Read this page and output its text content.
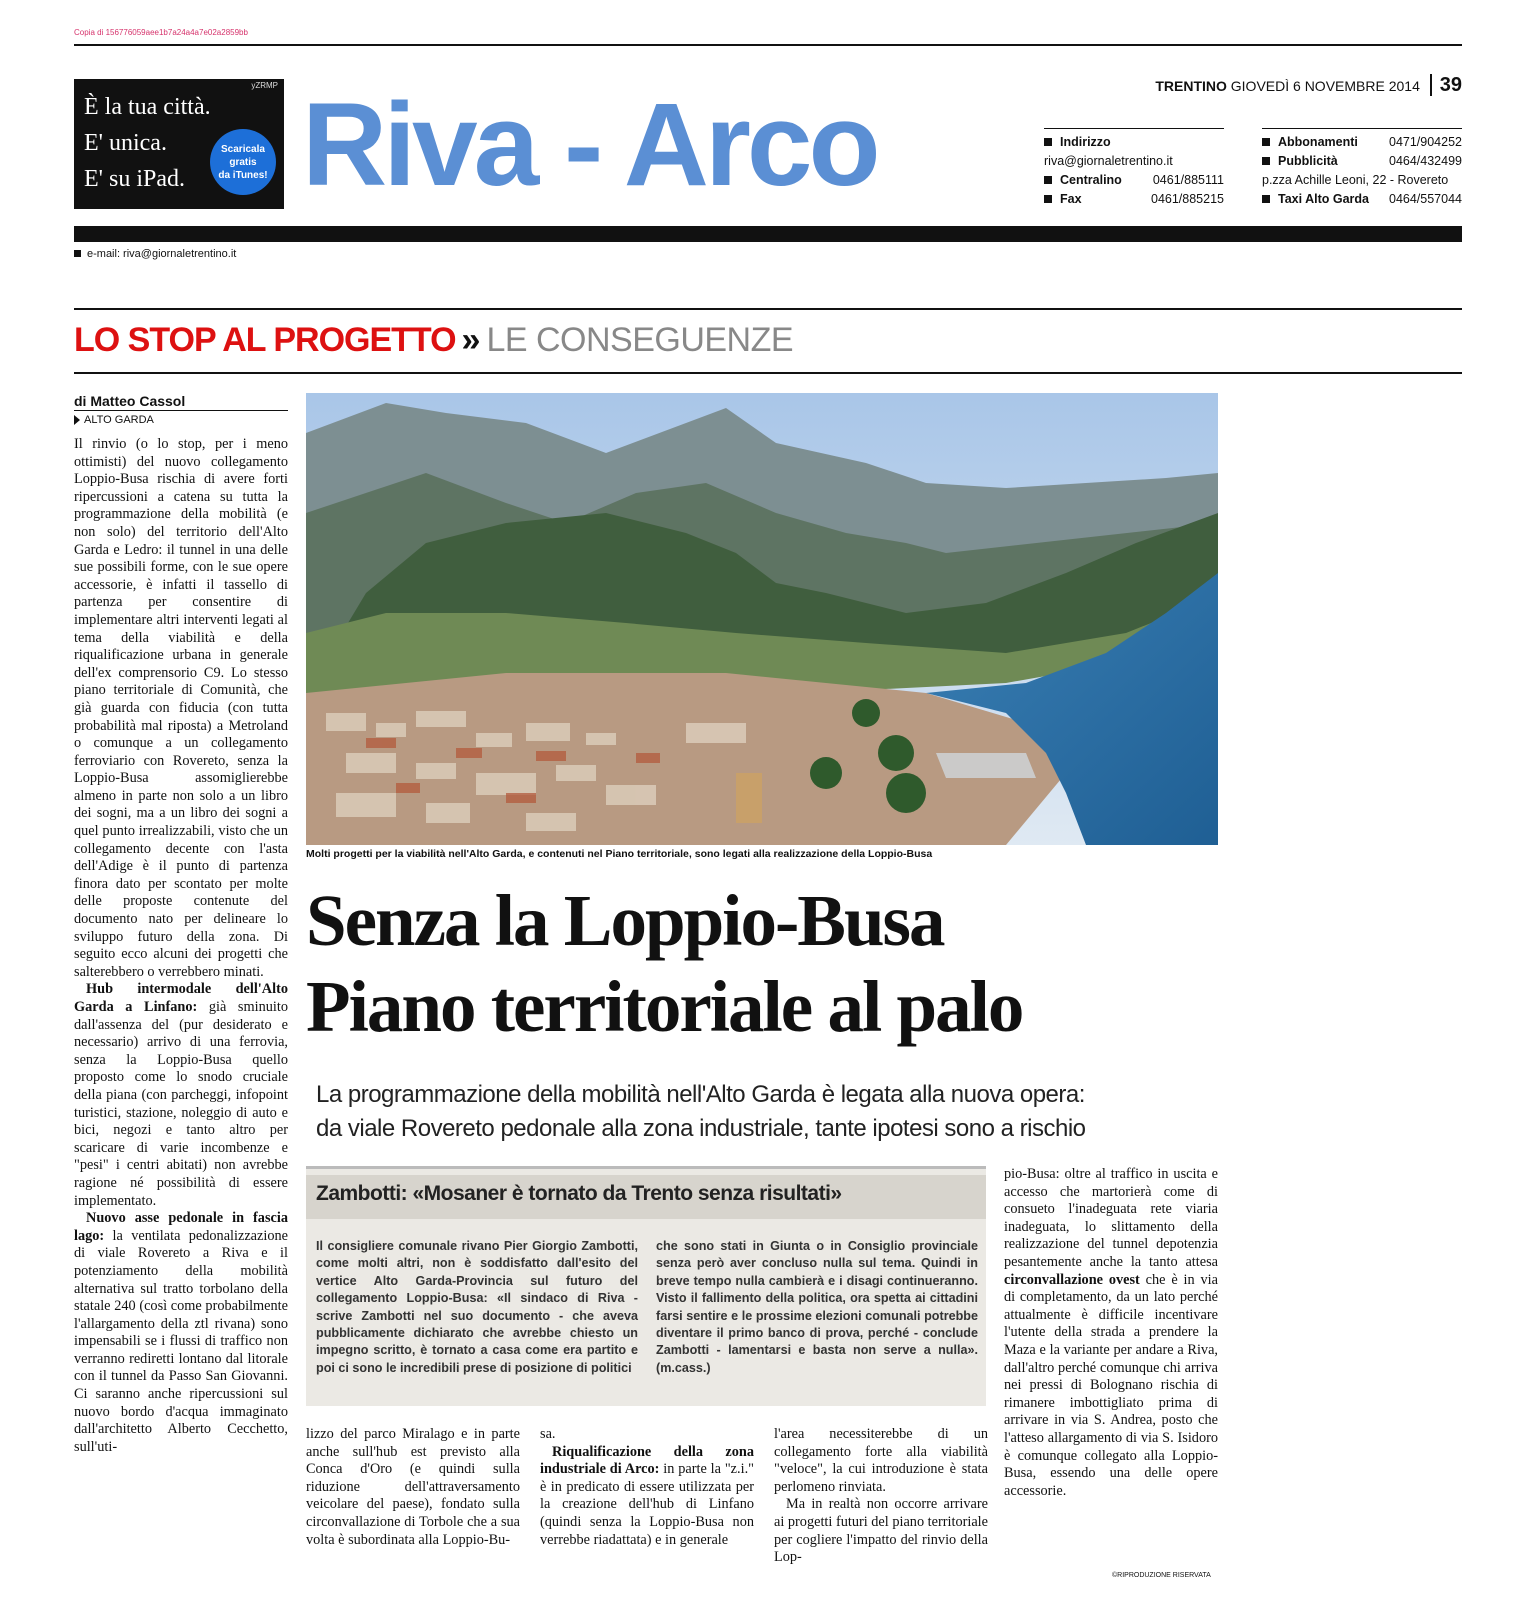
Copia di 156776059aee1b7a24a4a7e02a2859bb
È la tua città.
E' unica.
E' su iPad.
yZRMP
Scaricala
gratis
da iTunes! Riva - Arco	TRENTINO GIOVEDÌ 6 NOVEMBRE 2014 39
Indirizzo
riva@giornaletrentino.it
Centralino 0461/885111
Fax	0461/885215
Abbonamenti 0471/904252
Pubblicità	0464/432499
p.zza Achille Leoni, 22 - Rovereto
Taxi Alto Garda 0464/557044
e-mail: riva@giornaletrentino.it
LO STOP AL PROGETTO » LE CONSEGUENZE
di Matteo Cassol
ALTO GARDA

Il rinvio (o lo stop, per i meno ottimisti) del nuovo collegamento Loppio-Busa rischia di avere forti ripercussioni a catena su tutta la programmazione della mobilità (e non solo) del territorio dell'Alto Garda e Ledro: il tunnel in una delle sue possibili forme, con le sue opere accessorie, è infatti il tassello di partenza per consentire di implementare altri interventi legati al tema della viabilità e della riqualificazione urbana in generale dell'ex comprensorio C9. Lo stesso piano territoriale di Comunità, che già guarda con fiducia (con tutta probabilità mal riposta) a Metroland o comunque a un collegamento ferroviario con Rovereto, senza la Loppio-Busa assomiglierebbe almeno in parte non solo a un libro dei sogni, ma a un libro dei sogni a quel punto irrealizzabili, visto che un collegamento decente con l'asta dell'Adige è il punto di partenza finora dato per scontato per molte delle proposte contenute del documento nato per delineare lo sviluppo futuro della zona. Di seguito ecco alcuni dei progetti che salterebbero o verrebbero minati.

Hub intermodale dell'Alto Garda a Linfano: già sminuito dall'assenza del (pur desiderato e necessario) arrivo di una ferrovia, senza la Loppio-Busa quello proposto come lo snodo cruciale della piana (con parcheggi, infopoint turistici, stazione, noleggio di auto e bici, negozi e tanto altro per scaricare di varie incombenze e "pesi" i centri abitati) non avrebbe ragione né possibilità di essere implementato.

Nuovo asse pedonale in fascia lago: la ventilata pedonalizzazione di viale Rovereto a Riva e il potenziamento della mobilità alternativa sul tratto torbolano della statale 240 (così come probabilmente l'allargamento della ztl rivana) sono impensabili se i flussi di traffico non verranno rediretti lontano dal litorale con il tunnel da Passo San Giovanni. Ci saranno anche ripercussioni sul nuovo bordo d'acqua immaginato dall'architetto Alberto Cecchetto, sull'uti-

Molti progetti per la viabilità nell'Alto Garda, e contenuti nel Piano territoriale, sono legati alla realizzazione della Loppio-Busa
Senza la Loppio-Busa
Piano territoriale al palo
La programmazione della mobilità nell'Alto Garda è legata alla nuova opera:
da viale Rovereto pedonale alla zona industriale, tante ipotesi sono a rischio
Zambotti: «Mosaner è tornato da Trento senza risultati»

Il consigliere comunale rivano Pier Giorgio Zambotti, come molti altri, non è soddisfatto dall'esito del vertice Alto Garda-Provincia sul futuro del collegamento Loppio-Busa: «Il sindaco di Riva - scrive Zambotti nel suo documento - che aveva pubblicamente dichiarato che avrebbe chiesto un impegno scritto, è tornato a casa come era partito e poi ci sono le incredibili prese di posizione di politici

che sono stati in Giunta o in Consiglio provinciale senza però aver concluso nulla sul tema. Quindi in breve tempo nulla cambierà e i disagi continueranno. Visto il fallimento della politica, ora spetta ai cittadini farsi sentire e le prossime elezioni comunali potrebbe diventare il primo banco di prova, perché - conclude Zambotti - lamentarsi e basta non serve a nulla». (m.cass.)

lizzo del parco Miralago e in parte anche sull'hub est previsto alla Conca d'Oro (e quindi sulla riduzione dell'attraversamento veicolare del paese), fondato sulla circonvallazione di Torbole che a sua volta è subordinata alla Loppio-Bu-

sa.

Riqualificazione della zona industriale di Arco: in parte la "z.i." è in predicato di essere utilizzata per la creazione dell'hub di Linfano (quindi senza la Loppio-Busa non verrebbe riadattata) e in generale

l'area necessiterebbe di un collegamento forte alla viabilità "veloce", la cui introduzione è stata perlomeno rinviata.

Ma in realtà non occorre arrivare ai progetti futuri del piano territoriale per cogliere l'impatto del rinvio della Lop-

pio-Busa: oltre al traffico in uscita e accesso che martorierà come di consueto l'inadeguata rete viaria inadeguata, lo slittamento della realizzazione del tunnel depotenzia pesantemente anche la tanto attesa circonvallazione ovest che è in via di completamento, da un lato perché attualmente è difficile incentivare l'utente della strada a prendere la Maza e la variante per andare a Riva, dall'altro perché comunque chi arriva nei pressi di Bolognano rischia di rimanere imbottigliato prima di arrivare in via S. Andrea, posto che l'atteso allargamento di via S. Isidoro è comunque collegato alla Loppio-Busa, essendo una delle opere accessorie.

©RIPRODUZIONE RISERVATA
